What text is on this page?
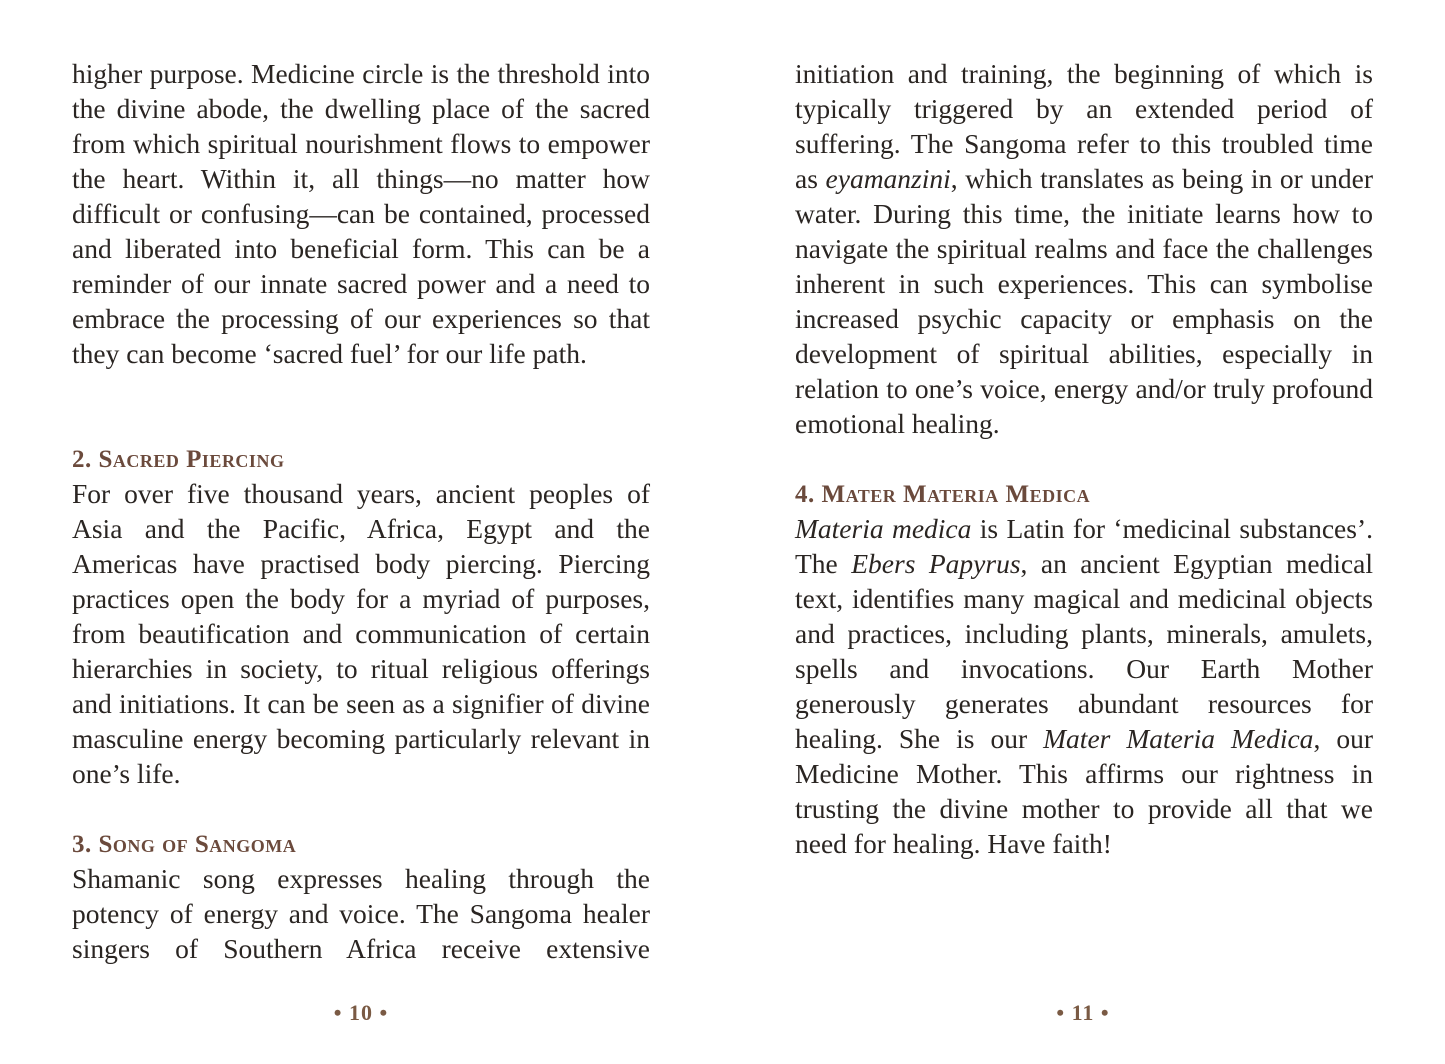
higher purpose. Medicine circle is the threshold into the divine abode, the dwelling place of the sacred from which spiritual nourishment flows to empower the heart. Within it, all things—no matter how difficult or confusing—can be contained, processed and liberated into beneficial form. This can be a reminder of our innate sacred power and a need to embrace the processing of our experiences so that they can become ‘sacred fuel’ for our life path.

2. Sacred Piercing

For over five thousand years, ancient peoples of Asia and the Pacific, Africa, Egypt and the Americas have practised body piercing. Piercing practices open the body for a myriad of purposes, from beautification and communication of certain hierarchies in society, to ritual religious offerings and initiations. It can be seen as a signifier of divine masculine energy becoming particularly relevant in one’s life.

3. Song of Sangoma

Shamanic song expresses healing through the potency of energy and voice. The Sangoma healer singers of Southern Africa receive extensive

• 10 •

initiation and training, the beginning of which is typically triggered by an extended period of suffering. The Sangoma refer to this troubled time as eyamanzini, which translates as being in or under water. During this time, the initiate learns how to navigate the spiritual realms and face the challenges inherent in such experiences. This can symbolise increased psychic capacity or emphasis on the development of spiritual abilities, especially in relation to one’s voice, energy and/or truly profound emotional healing.

4. Mater Materia Medica

Materia medica is Latin for ‘medicinal substances’. The Ebers Papyrus, an ancient Egyptian medical text, identifies many magical and medicinal objects and practices, including plants, minerals, amulets, spells and invocations. Our Earth Mother generously generates abundant resources for healing. She is our Mater Materia Medica, our Medicine Mother. This affirms our rightness in trusting the divine mother to provide all that we need for healing. Have faith!

• 11 •
